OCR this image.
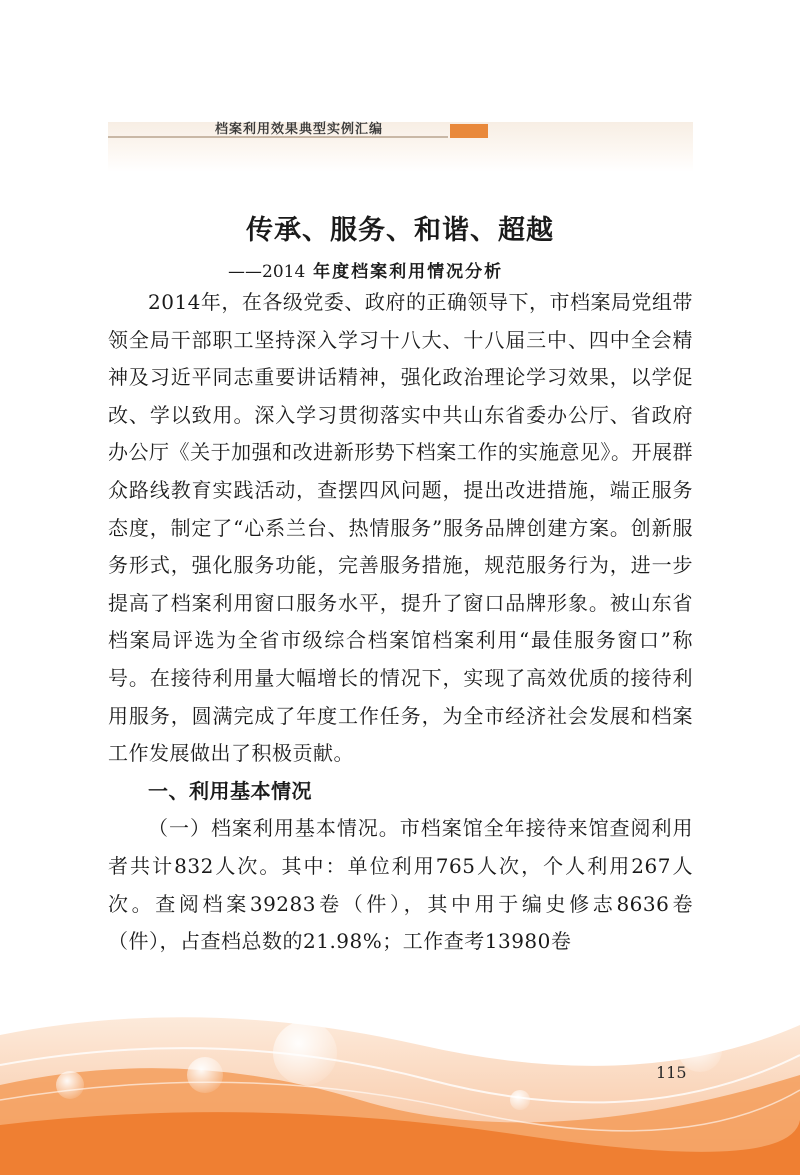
档案利用效果典型实例汇编
传承、服务、和谐、超越
——2014 年度档案利用情况分析

2014年，在各级党委、政府的正确领导下，市档案局党组带领全局干部职工坚持深入学习十八大、十八届三中、四中全会精神及习近平同志重要讲话精神，强化政治理论学习效果，以学促改、学以致用。深入学习贯彻落实中共山东省委办公厅、省政府办公厅《关于加强和改进新形势下档案工作的实施意见》。开展群众路线教育实践活动，查摆四风问题，提出改进措施，端正服务态度，制定了“心系兰台、热情服务”服务品牌创建方案。创新服务形式，强化服务功能，完善服务措施，规范服务行为，进一步提高了档案利用窗口服务水平，提升了窗口品牌形象。被山东省档案局评选为全省市级综合档案馆档案利用“最佳服务窗口”称号。在接待利用量大幅增长的情况下，实现了高效优质的接待利用服务，圆满完成了年度工作任务，为全市经济社会发展和档案工作发展做出了积极贡献。

一、利用基本情况

（一）档案利用基本情况。市档案馆全年接待来馆查阅利用者共计832人次。其中：单位利用765人次，个人利用267人次。查阅档案39283卷（件），其中用于编史修志8636卷（件），占查档总数的21.98%；工作查考13980卷

115
